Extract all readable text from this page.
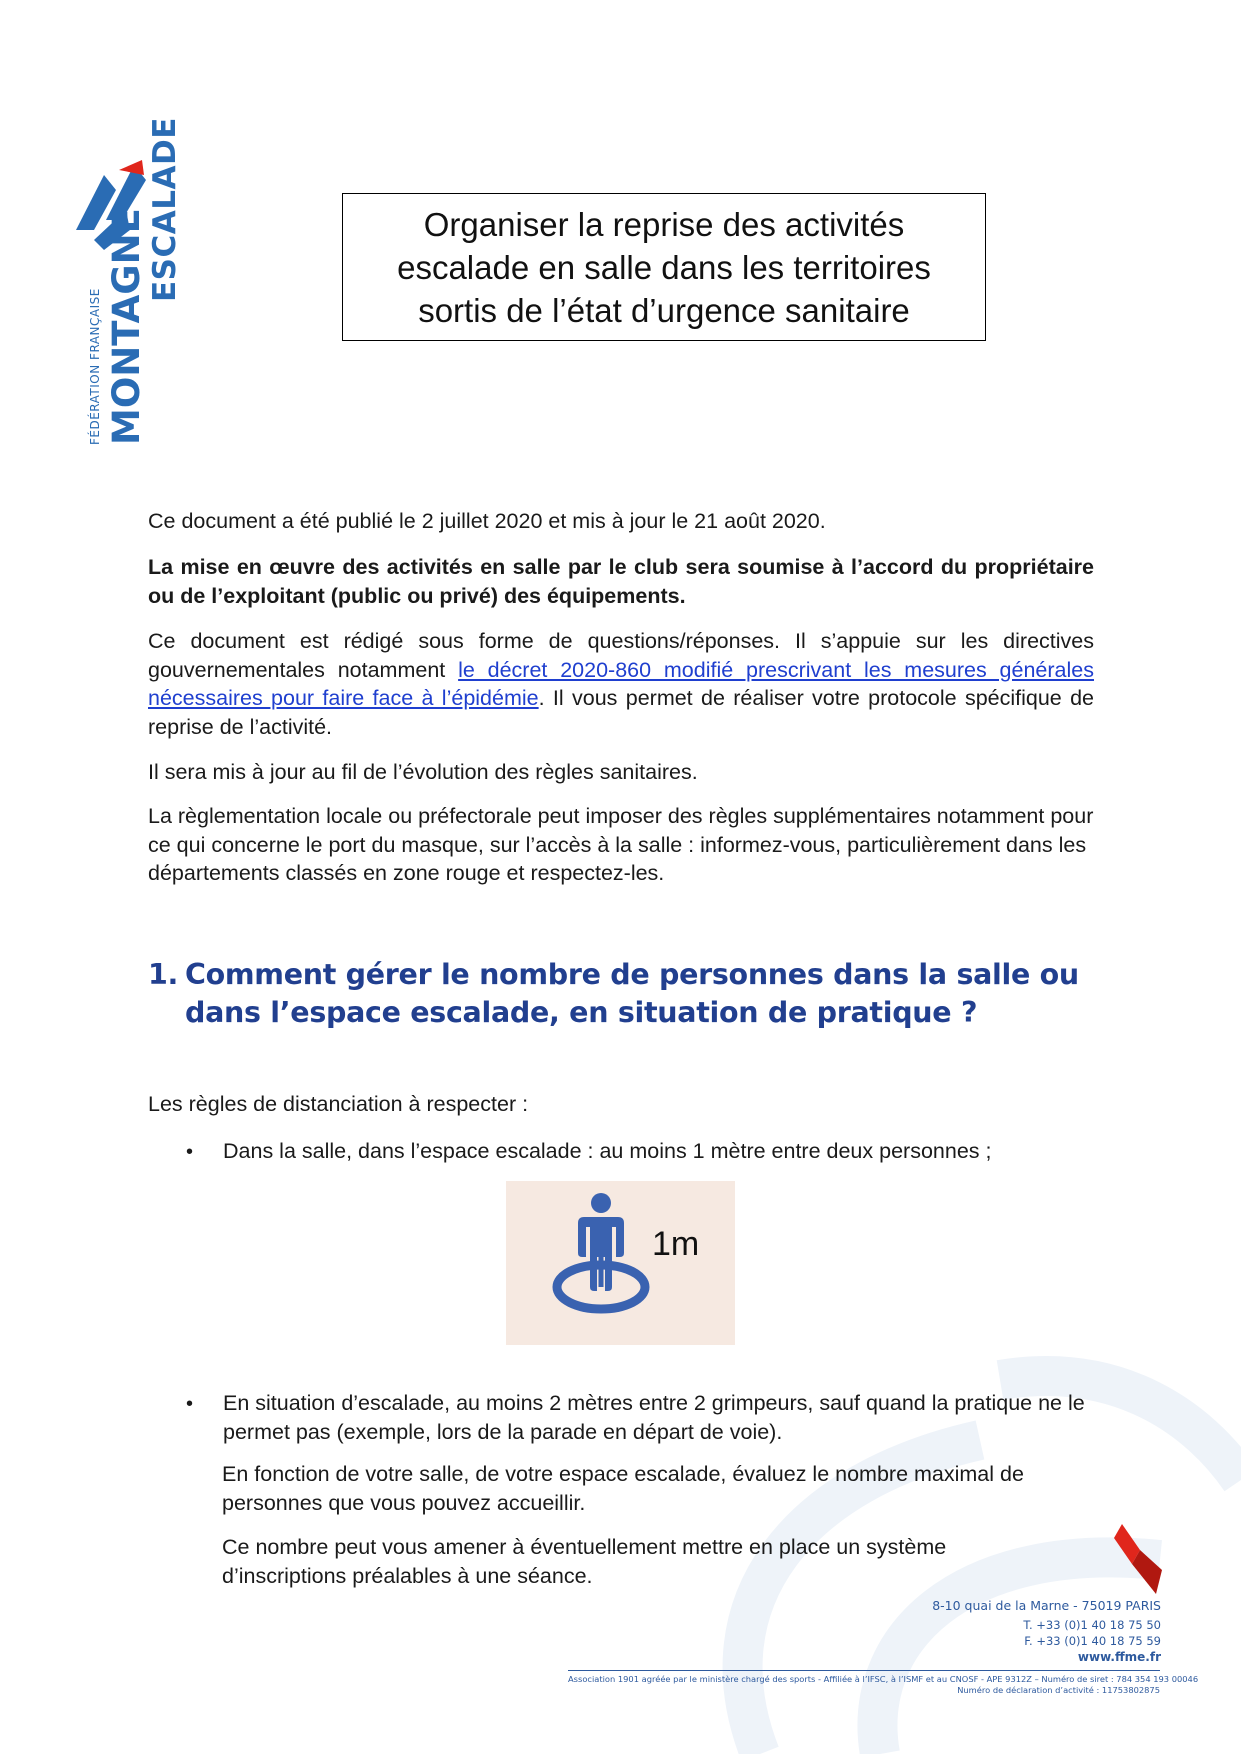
FÉDÉRATION FRANÇAISE MONTAGNE ESCALADE	Organiser la reprise des activités
escalade en salle dans les territoires
sortis de l’état d’urgence sanitaire
Ce document a été publié le 2 juillet 2020 et mis à jour le 21 août 2020.
La mise en œuvre des activités en salle par le club sera soumise à l’accord du propriétaire ou de l’exploitant (public ou privé) des équipements.
Ce document est rédigé sous forme de questions/réponses. Il s’appuie sur les directives gouvernementales notamment le décret 2020-860 modifié prescrivant les mesures générales nécessaires pour faire face à l’épidémie. Il vous permet de réaliser votre protocole spécifique de reprise de l’activité.
Il sera mis à jour au fil de l’évolution des règles sanitaires.
La règlementation locale ou préfectorale peut imposer des règles supplémentaires notamment pour ce qui concerne le port du masque, sur l’accès à la salle : informez-vous, particulièrement dans les départements classés en zone rouge et respectez-les.
1. Comment gérer le nombre de personnes dans la salle ou dans l’espace escalade, en situation de pratique ?
Les règles de distanciation à respecter :
• Dans la salle, dans l’espace escalade : au moins 1 mètre entre deux personnes ;
1m
• En situation d’escalade, au moins 2 mètres entre 2 grimpeurs, sauf quand la pratique ne le permet pas (exemple, lors de la parade en départ de voie).
En fonction de votre salle, de votre espace escalade, évaluez le nombre maximal de personnes que vous pouvez accueillir.
Ce nombre peut vous amener à éventuellement mettre en place un système d’inscriptions préalables à une séance.
8-10 quai de la Marne - 75019 PARIS
T. +33 (0)1 40 18 75 50
F. +33 (0)1 40 18 75 59
www.ffme.fr
Association 1901 agréée par le ministère chargé des sports - Affiliée à l’IFSC, à l’ISMF et au CNOSF - APE 9312Z – Numéro de siret : 784 354 193 00046
Numéro de déclaration d’activité : 11753802875
